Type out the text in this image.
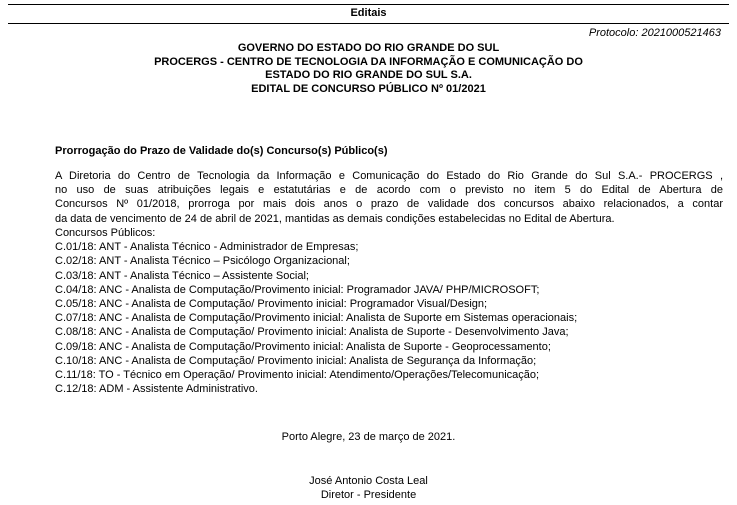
Editais
Protocolo: 2021000521463
GOVERNO DO ESTADO DO RIO GRANDE DO SUL
PROCERGS - CENTRO DE TECNOLOGIA DA INFORMAÇÃO E COMUNICAÇÃO DO
ESTADO DO RIO GRANDE DO SUL S.A.
EDITAL DE CONCURSO PÚBLICO Nº 01/2021
Prorrogação do Prazo de Validade do(s) Concurso(s) Público(s)
A Diretoria do Centro de Tecnologia da Informação e Comunicação do Estado do Rio Grande do Sul S.A.- PROCERGS ,
no uso de suas atribuições legais e estatutárias e de acordo com o previsto no item 5 do Edital de Abertura de
Concursos Nº 01/2018, prorroga por mais dois anos o prazo de validade dos concursos abaixo relacionados, a contar
da data de vencimento de 24 de abril de 2021, mantidas as demais condições estabelecidas no Edital de Abertura.
Concursos Públicos:
C.01/18: ANT - Analista Técnico - Administrador de Empresas;
C.02/18: ANT - Analista Técnico – Psicólogo Organizacional;
C.03/18: ANT - Analista Técnico – Assistente Social;
C.04/18: ANC - Analista de Computação/Provimento inicial: Programador JAVA/ PHP/MICROSOFT;
C.05/18: ANC - Analista de Computação/ Provimento inicial: Programador Visual/Design;
C.07/18: ANC - Analista de Computação/Provimento inicial: Analista de Suporte em Sistemas operacionais;
C.08/18: ANC - Analista de Computação/ Provimento inicial: Analista de Suporte - Desenvolvimento Java;
C.09/18: ANC - Analista de Computação/Provimento inicial: Analista de Suporte - Geoprocessamento;
C.10/18: ANC - Analista de Computação/ Provimento inicial: Analista de Segurança da Informação;
C.11/18: TO - Técnico em Operação/ Provimento inicial: Atendimento/Operações/Telecomunicação;
C.12/18: ADM - Assistente Administrativo.
Porto Alegre, 23 de março de 2021.
José Antonio Costa Leal
Diretor - Presidente
